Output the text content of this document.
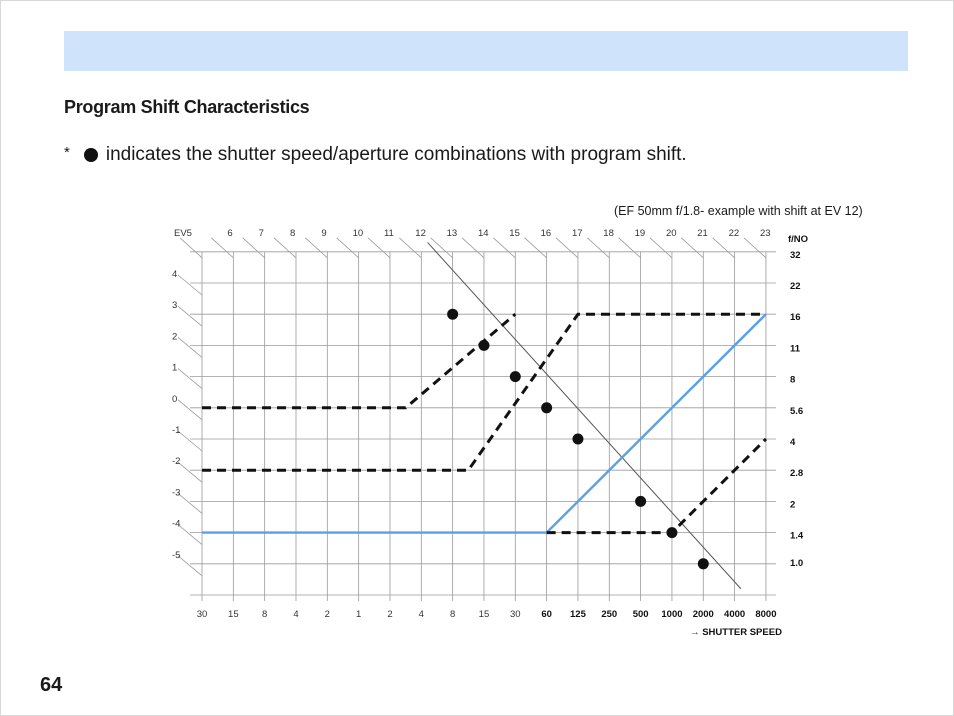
Program Shift Characteristics
* indicates the shutter speed/aperture combinations with program shift.
(EF 50mm f/1.8- example with shift at EV 12)
EV5	6	7	8	9	10 11 12 13 14 15 16 17 18 19 20 21 22 23
4
3
2
1
0
-1
-2
-3
-4
-5
30 15 8	4	2	1	2	4	8 15 30 60 125 250 500 1000 2000 4000 8000
f/NO
32
22
16
11
8
5.6
4
2.8
2
1.4
1.0
→ SHUTTER SPEED
64
